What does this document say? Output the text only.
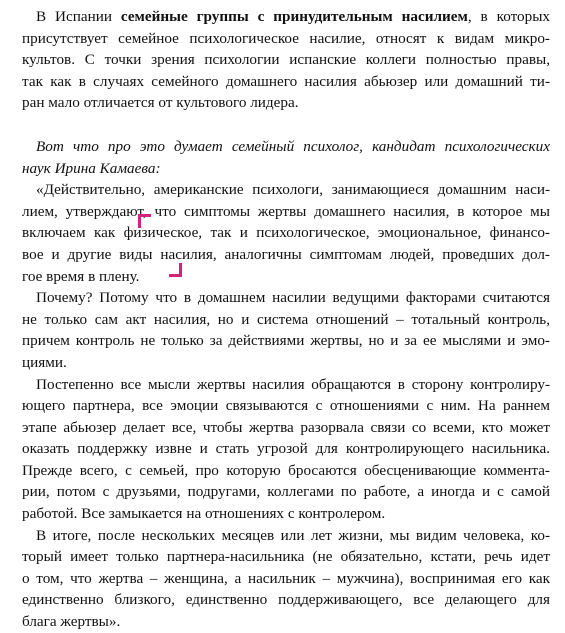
В Испании семейные группы с принудительным насилием, в которых
присутствует семейное психологическое насилие, относят к видам микро-
культов. С точки зрения психологии испанские коллеги полностью правы,
так как в случаях семейного домашнего насилия абьюзер или домашний ти-
ран мало отличается от культового лидера.
Вот что про это думает семейный психолог, кандидат психологических
наук Ирина Камаева:
«Действительно, американские психологи, занимающиеся домашним наси-
лием, утверждают, что симптомы жертвы домашнего насилия, в которое мы
включаем как физическое, так и психологическое, эмоциональное, финансо-
вое и другие виды насилия, аналогичны симптомам людей, проведших дол-
гое время в плену.
Почему? Потому что в домашнем насилии ведущими факторами считаются
не только сам акт насилия, но и система отношений – тотальный контроль,
причем контроль не только за действиями жертвы, но и за ее мыслями и эмо-
циями.
Постепенно все мысли жертвы насилия обращаются в сторону контролиру-
ющего партнера, все эмоции связываются с отношениями с ним. На раннем
этапе абьюзер делает все, чтобы жертва разорвала связи со всеми, кто может
оказать поддержку извне и стать угрозой для контролирующего насильника.
Прежде всего, с семьей, про которую бросаются обесценивающие коммента-
рии, потом с друзьями, подругами, коллегами по работе, а иногда и с самой
работой. Все замыкается на отношениях с контролером.
В итоге, после нескольких месяцев или лет жизни, мы видим человека, ко-
торый имеет только партнера-насильника (не обязательно, кстати, речь идет
о том, что жертва – женщина, а насильник – мужчина), воспринимая его как
единственно близкого, единственно поддерживающего, все делающего для
блага жертвы».
